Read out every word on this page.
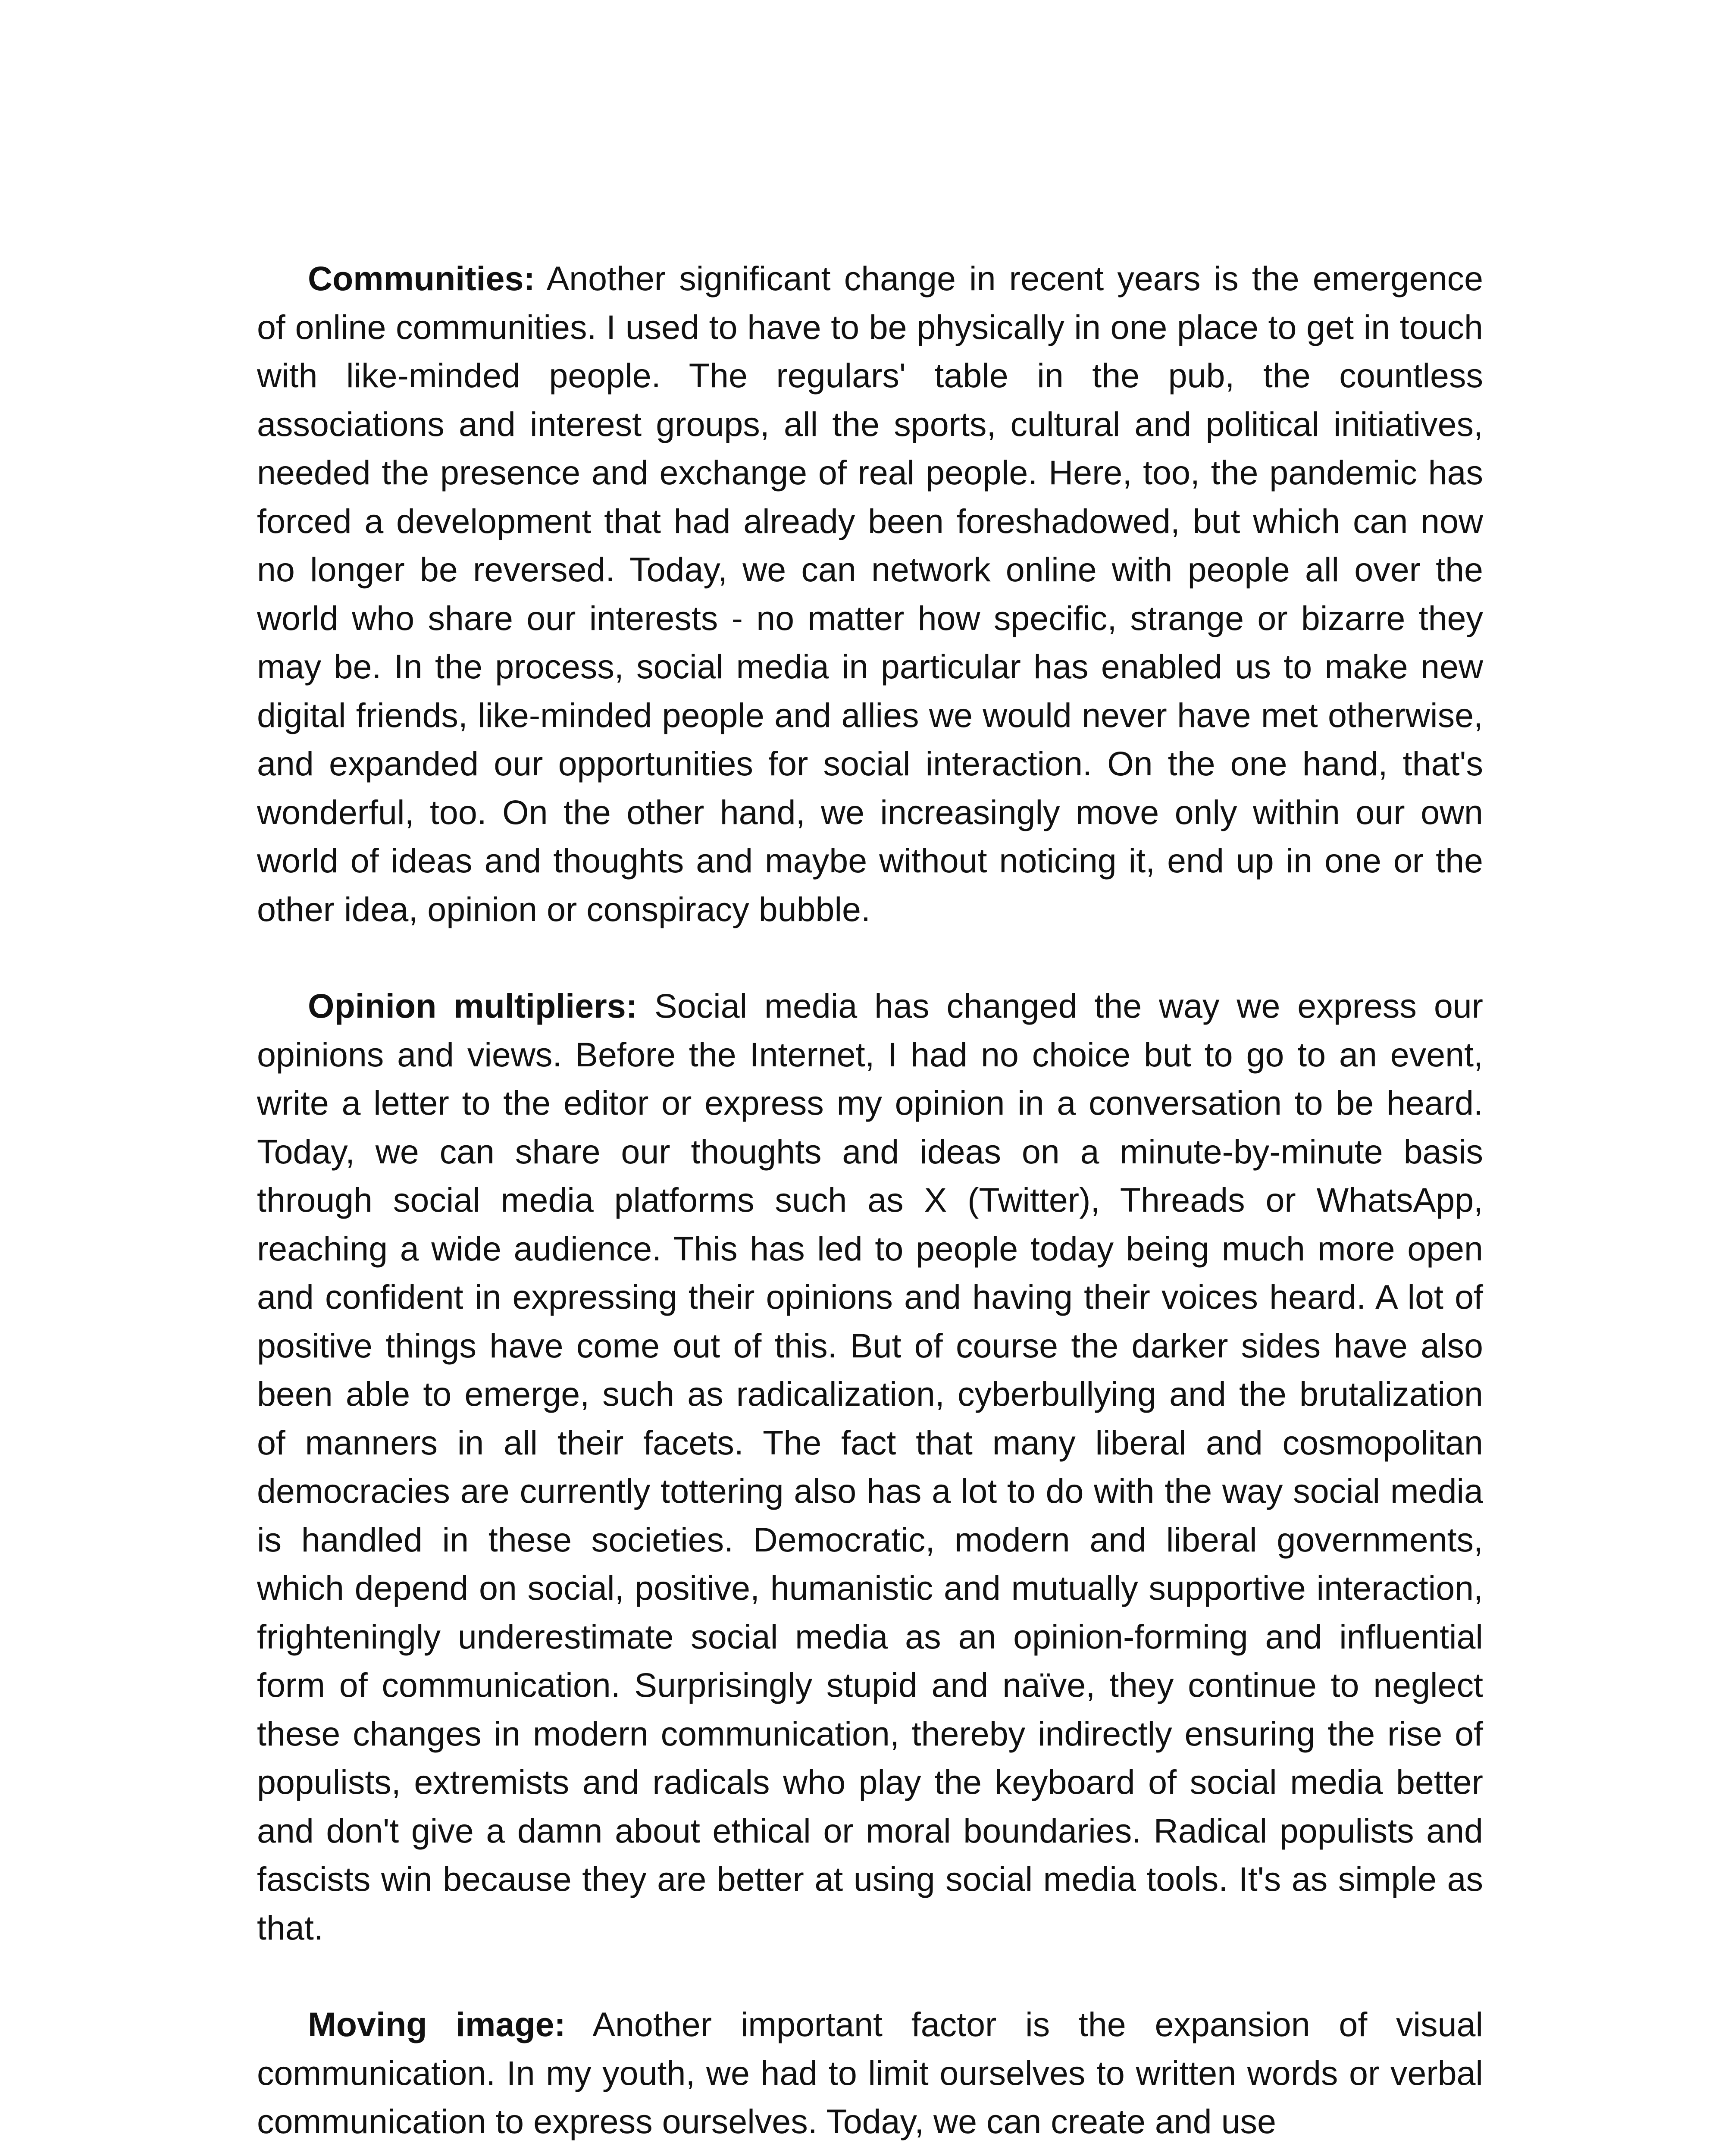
Communities: Another significant change in recent years is the emergence of online communities. I used to have to be physically in one place to get in touch with like-minded people. The regulars' table in the pub, the countless associations and interest groups, all the sports, cultural and political initiatives, needed the presence and exchange of real people. Here, too, the pandemic has forced a development that had already been foreshadowed, but which can now no longer be reversed. Today, we can network online with people all over the world who share our interests - no matter how specific, strange or bizarre they may be. In the process, social media in particular has enabled us to make new digital friends, like-minded people and allies we would never have met otherwise, and expanded our opportunities for social interaction. On the one hand, that's wonderful, too. On the other hand, we increasingly move only within our own world of ideas and thoughts and maybe without noticing it, end up in one or the other idea, opinion or conspiracy bubble.

Opinion multipliers: Social media has changed the way we express our opinions and views. Before the Internet, I had no choice but to go to an event, write a letter to the editor or express my opinion in a conversation to be heard. Today, we can share our thoughts and ideas on a minute-by-minute basis through social media platforms such as X (Twitter), Threads or WhatsApp, reaching a wide audience. This has led to people today being much more open and confident in expressing their opinions and having their voices heard. A lot of positive things have come out of this. But of course the darker sides have also been able to emerge, such as radicalization, cyberbullying and the brutalization of manners in all their facets. The fact that many liberal and cosmopolitan democracies are currently tottering also has a lot to do with the way social media is handled in these societies. Democratic, modern and liberal governments, which depend on social, positive, humanistic and mutually supportive interaction, frighteningly underestimate social media as an opinion-forming and influential form of communication. Surprisingly stupid and naïve, they continue to neglect these changes in modern communication, thereby indirectly ensuring the rise of populists, extremists and radicals who play the keyboard of social media better and don't give a damn about ethical or moral boundaries. Radical populists and fascists win because they are better at using social media tools. It's as simple as that.

Moving image: Another important factor is the expansion of visual communication. In my youth, we had to limit ourselves to written words or verbal communication to express ourselves. Today, we can create and use
